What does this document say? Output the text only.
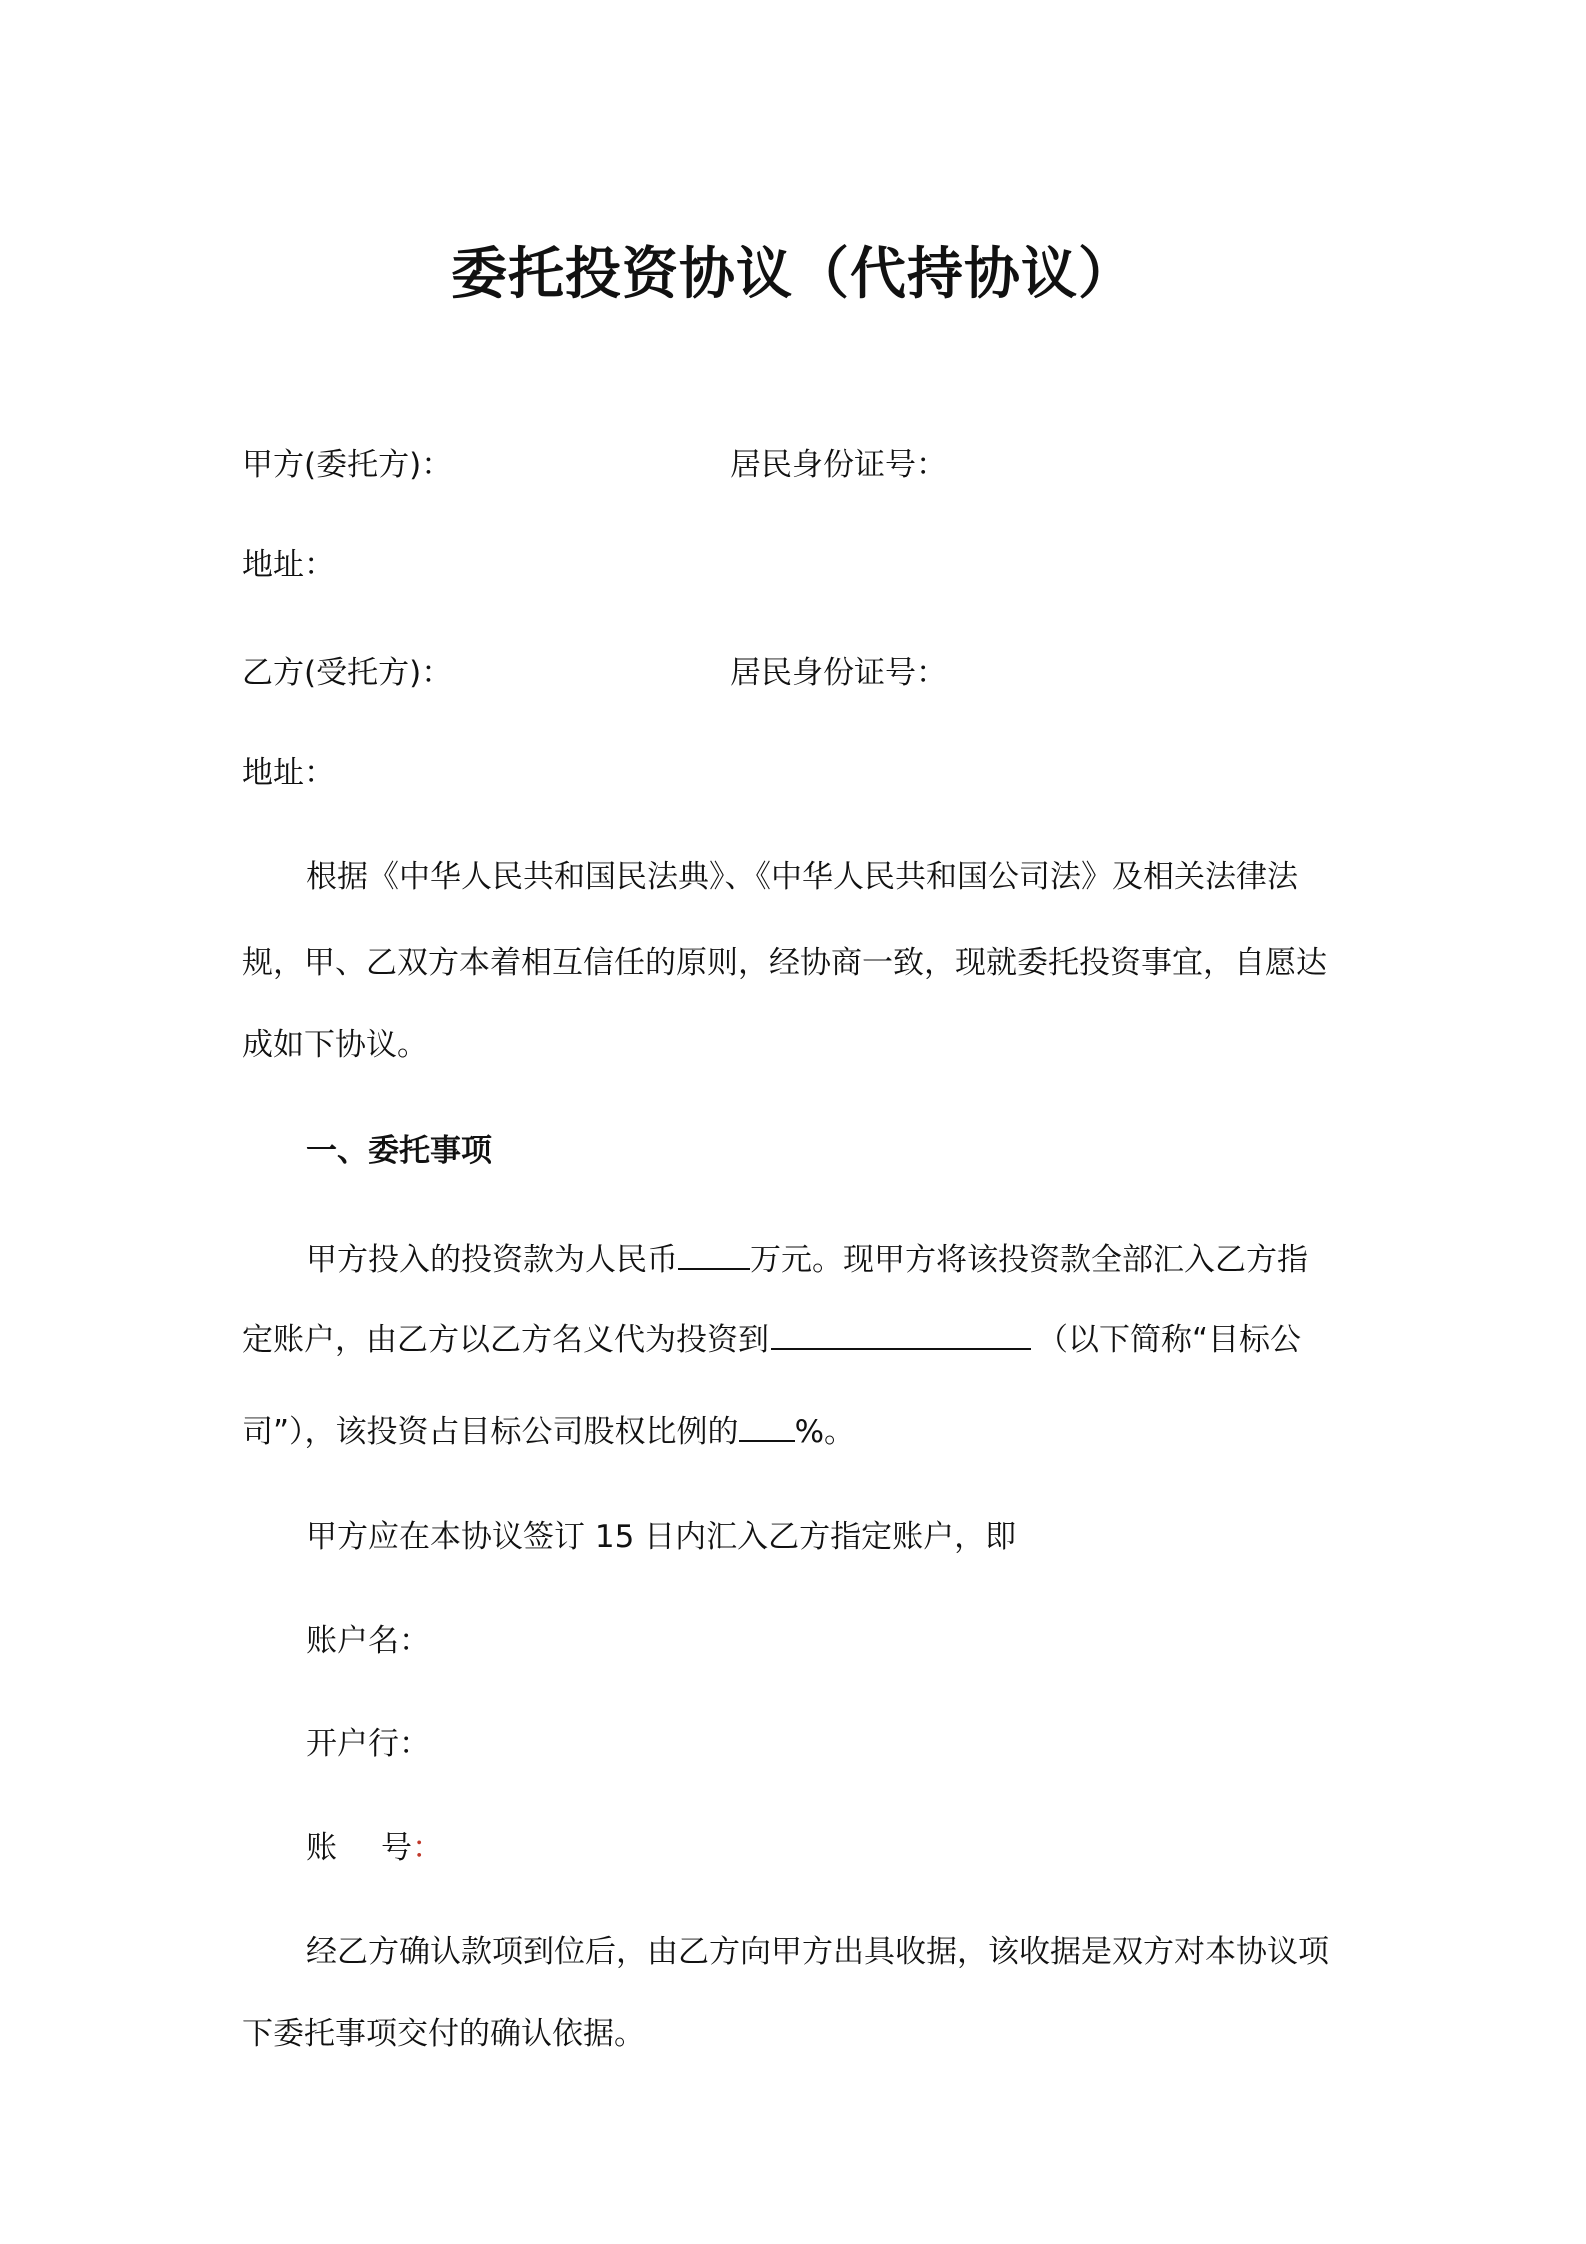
委托投资协议（代持协议）
甲方(委托方)：	居民身份证号：
地址：
乙方(受托方)：	居民身份证号：
地址：
根据《中华人民共和国民法典》、《中华人民共和国公司法》及相关法律法
规，甲、乙双方本着相互信任的原则，经协商一致，现就委托投资事宜，自愿达
成如下协议。
一、委托事项
甲方投入的投资款为人民币 万元。现甲方将该投资款全部汇入乙方指
定账户，由乙方以乙方名义代为投资到	（以下简称“目标公
司”），该投资占目标公司股权比例的 %。
甲方应在本协议签订 15 日内汇入乙方指定账户，即
账户名：
开户行：
账 号：
经乙方确认款项到位后，由乙方向甲方出具收据，该收据是双方对本协议项
下委托事项交付的确认依据。
